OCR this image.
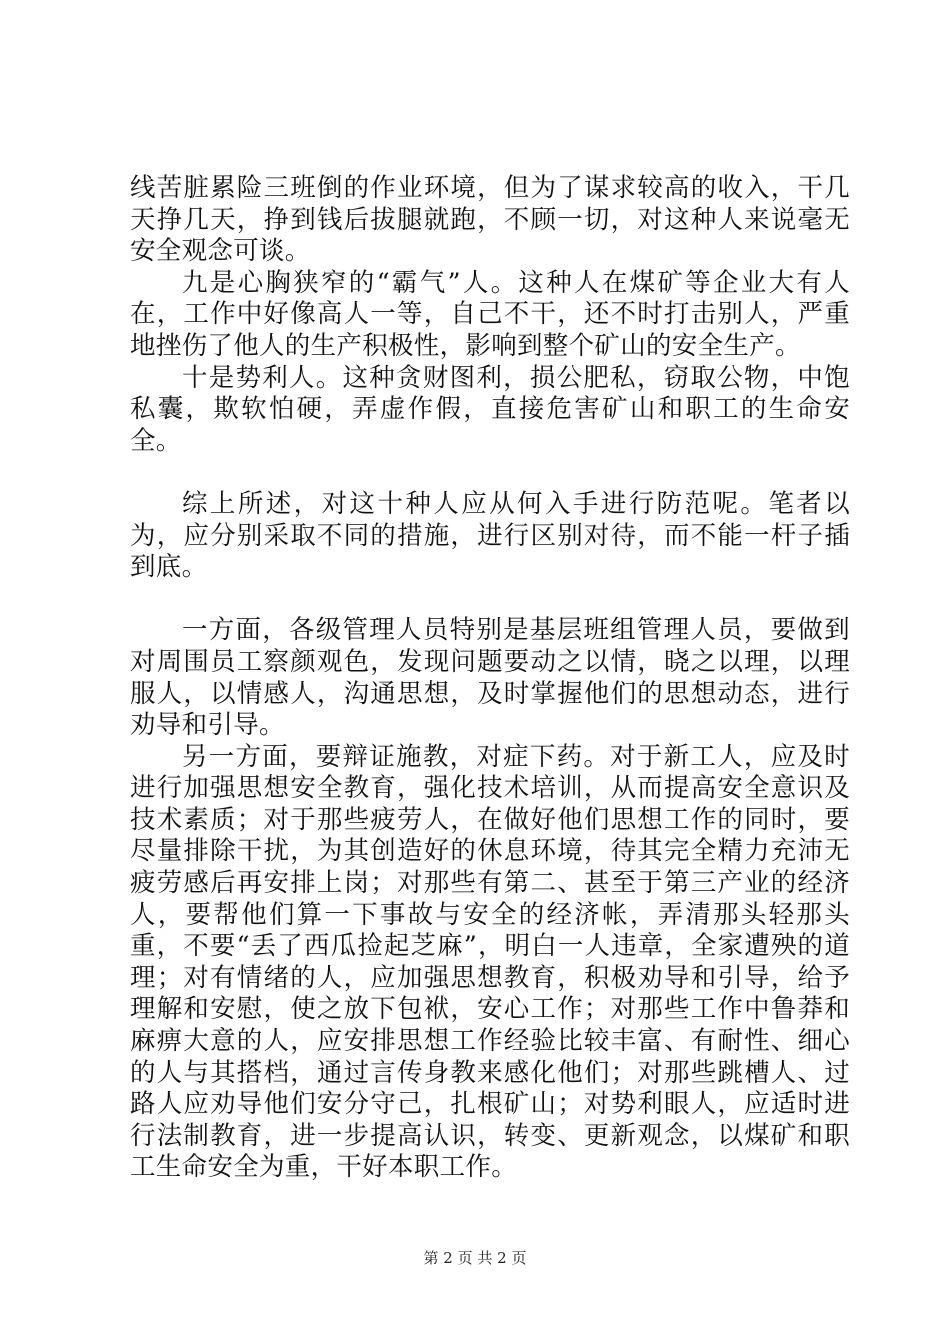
线苦脏累险三班倒的作业环境，但为了谋求较高的收入，干几天挣几天，挣到钱后拔腿就跑，不顾一切，对这种人来说毫无安全观念可谈。

九是心胸狭窄的“霸气”人。这种人在煤矿等企业大有人在，工作中好像高人一等，自己不干，还不时打击别人，严重地挫伤了他人的生产积极性，影响到整个矿山的安全生产。

十是势利人。这种贪财图利，损公肥私，窃取公物，中饱私囊，欺软怕硬，弄虚作假，直接危害矿山和职工的生命安全。

综上所述，对这十种人应从何入手进行防范呢。笔者以为，应分别采取不同的措施，进行区别对待，而不能一杆子插到底。

一方面，各级管理人员特别是基层班组管理人员，要做到对周围员工察颜观色，发现问题要动之以情，晓之以理，以理服人，以情感人，沟通思想，及时掌握他们的思想动态，进行劝导和引导。

另一方面，要辩证施教，对症下药。对于新工人，应及时进行加强思想安全教育，强化技术培训，从而提高安全意识及技术素质；对于那些疲劳人，在做好他们思想工作的同时，要尽量排除干扰，为其创造好的休息环境，待其完全精力充沛无疲劳感后再安排上岗；对那些有第二、甚至于第三产业的经济人，要帮他们算一下事故与安全的经济帐，弄清那头轻那头重，不要“丢了西瓜捡起芝麻”，明白一人违章，全家遭殃的道理；对有情绪的人，应加强思想教育，积极劝导和引导，给予理解和安慰，使之放下包袱，安心工作；对那些工作中鲁莽和麻痹大意的人，应安排思想工作经验比较丰富、有耐性、细心的人与其搭档，通过言传身教来感化他们；对那些跳槽人、过路人应劝导他们安分守己，扎根矿山；对势利眼人，应适时进行法制教育，进一步提高认识，转变、更新观念，以煤矿和职工生命安全为重，干好本职工作。

第 2 页 共 2 页
